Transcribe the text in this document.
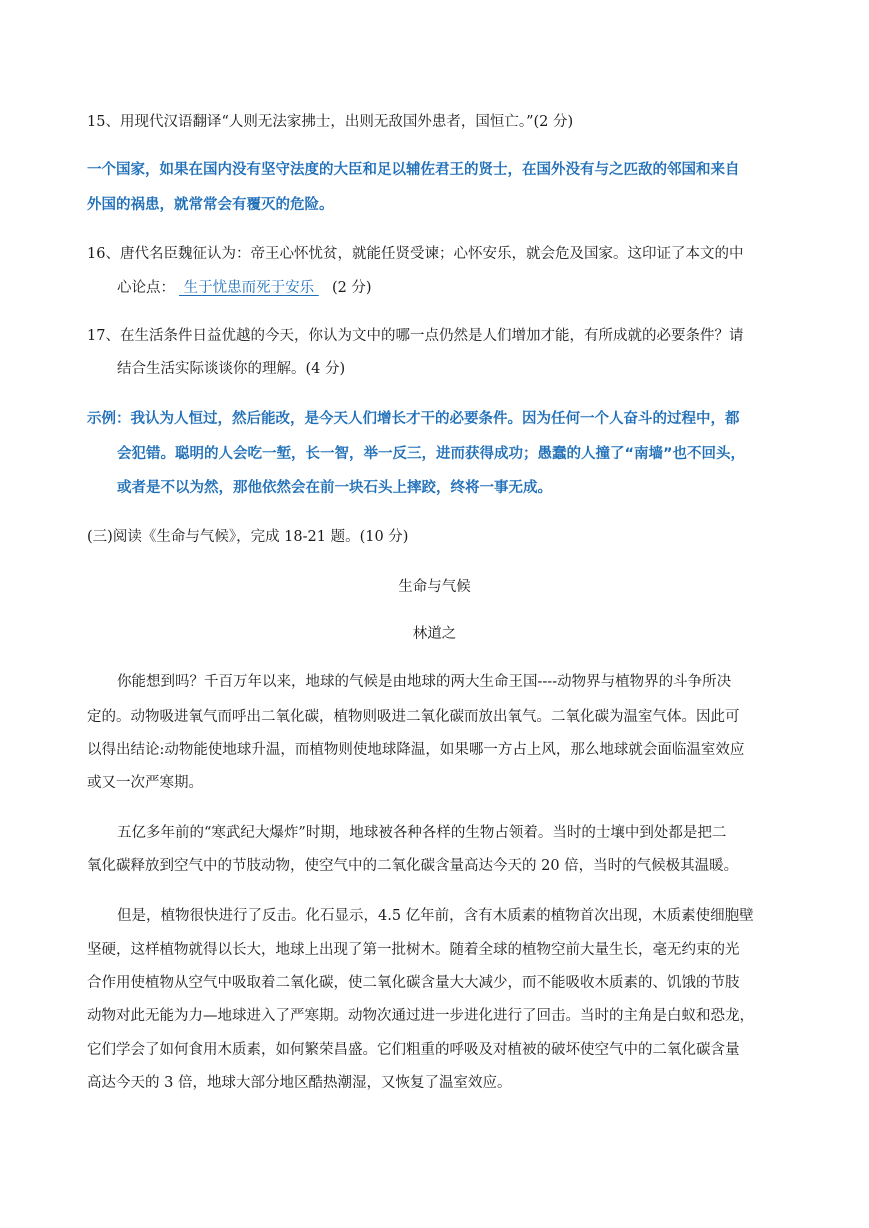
15、用现代汉语翻译“人则无法家拂士，出则无敌国外患者，国恒亡。”(2 分)
一个国家，如果在国内没有坚守法度的大臣和足以辅佐君王的贤士，在国外没有与之匹敌的邻国和来自
外国的祸患，就常常会有覆灭的危险。
16、唐代名臣魏征认为：帝王心怀忧贫，就能任贤受谏；心怀安乐，就会危及国家。这印证了本文的中
心论点： 生于忧患而死于安乐   (2 分)
17、在生活条件日益优越的今天，你认为文中的哪一点仍然是人们增加才能，有所成就的必要条件？请
结合生活实际谈谈你的理解。(4 分)
示例：我认为人恒过，然后能改，是今天人们增长才干的必要条件。因为任何一个人奋斗的过程中，都
会犯错。聪明的人会吃一堑，长一智，举一反三，进而获得成功；愚蠢的人撞了“南墙”也不回头，
或者是不以为然，那他依然会在前一块石头上摔跤，终将一事无成。
(三)阅读《生命与气候》，完成 18-21 题。(10 分)
生命与气候
林道之
你能想到吗？千百万年以来，地球的气候是由地球的两大生命王国----动物界与植物界的斗争所决
定的。动物吸进氧气而呼出二氧化碳，植物则吸进二氧化碳而放出氧气。二氧化碳为温室气体。因此可
以得出结论:动物能使地球升温，而植物则使地球降温，如果哪一方占上风，那么地球就会面临温室效应
或又一次严寒期。
五亿多年前的“寒武纪大爆炸”时期，地球被各种各样的生物占领着。当时的士壤中到处都是把二
氧化碳释放到空气中的节肢动物，使空气中的二氧化碳含量高达今天的 20 倍，当时的气候极其温暖。
但是，植物很快进行了反击。化石显示，4.5 亿年前，含有木质素的植物首次出现，木质素使细胞壁
坚硬，这样植物就得以长大，地球上出现了第一批树木。随着全球的植物空前大量生长，毫无约束的光
合作用使植物从空气中吸取着二氧化碳，使二氧化碳含量大大减少，而不能吸收木质素的、饥饿的节肢
动物对此无能为力—地球进入了严寒期。动物次通过进一步进化进行了回击。当时的主角是白蚁和恐龙，
它们学会了如何食用木质素，如何繁荣昌盛。它们粗重的呼吸及对植被的破坏使空气中的二氧化碳含量
高达今天的 3 倍，地球大部分地区酷热潮湿，又恢复了温室效应。
